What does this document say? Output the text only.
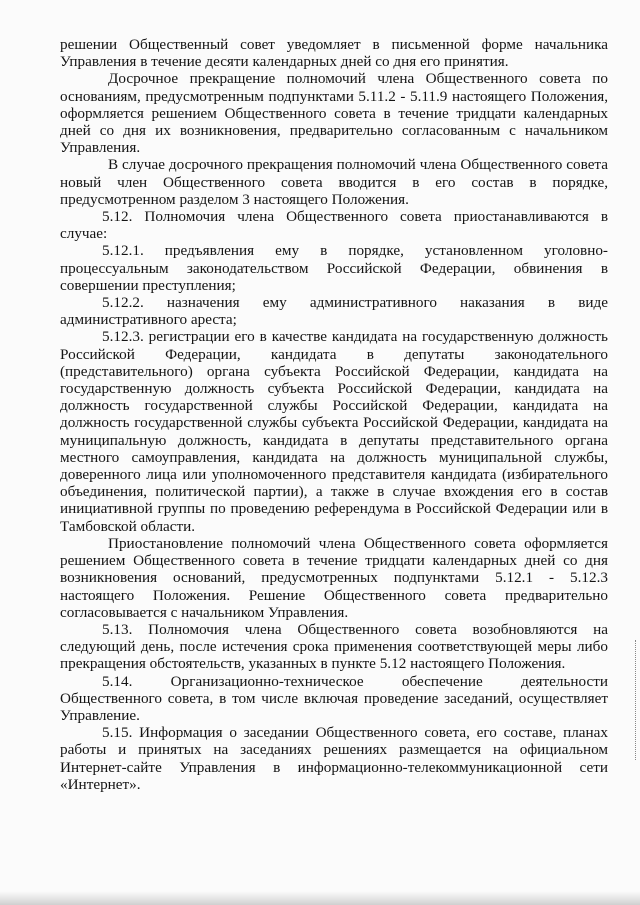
решении Общественный совет уведомляет в письменной форме начальника Управления в течение десяти календарных дней со дня его принятия.

Досрочное прекращение полномочий члена Общественного совета по основаниям, предусмотренным подпунктами 5.11.2 - 5.11.9 настоящего Положения, оформляется решением Общественного совета в течение тридцати календарных дней со дня их возникновения, предварительно согласованным с начальником Управления.

В случае досрочного прекращения полномочий члена Общественного совета новый член Общественного совета вводится в его состав в порядке, предусмотренном разделом 3 настоящего Положения.

5.12. Полномочия члена Общественного совета приостанавливаются в случае:

5.12.1. предъявления ему в порядке, установленном уголовно-процессуальным законодательством Российской Федерации, обвинения в совершении преступления;

5.12.2. назначения ему административного наказания в виде административного ареста;

5.12.3. регистрации его в качестве кандидата на государственную должность Российской Федерации, кандидата в депутаты законодательного (представительного) органа субъекта Российской Федерации, кандидата на государственную должность субъекта Российской Федерации, кандидата на должность государственной службы Российской Федерации, кандидата на должность государственной службы субъекта Российской Федерации, кандидата на муниципальную должность, кандидата в депутаты представительного органа местного самоуправления, кандидата на должность муниципальной службы, доверенного лица или уполномоченного представителя кандидата (избирательного объединения, политической партии), а также в случае вхождения его в состав инициативной группы по проведению референдума в Российской Федерации или в Тамбовской области.

Приостановление полномочий члена Общественного совета оформляется решением Общественного совета в течение тридцати календарных дней со дня возникновения оснований, предусмотренных подпунктами 5.12.1 - 5.12.3 настоящего Положения. Решение Общественного совета предварительно согласовывается с начальником Управления.

5.13. Полномочия члена Общественного совета возобновляются на следующий день, после истечения срока применения соответствующей меры либо прекращения обстоятельств, указанных в пункте 5.12 настоящего Положения.

5.14. Организационно-техническое обеспечение деятельности Общественного совета, в том числе включая проведение заседаний, осуществляет Управление.

5.15. Информация о заседании Общественного совета, его составе, планах работы и принятых на заседаниях решениях размещается на официальном Интернет-сайте Управления в информационно-телекоммуникационной сети «Интернет».
